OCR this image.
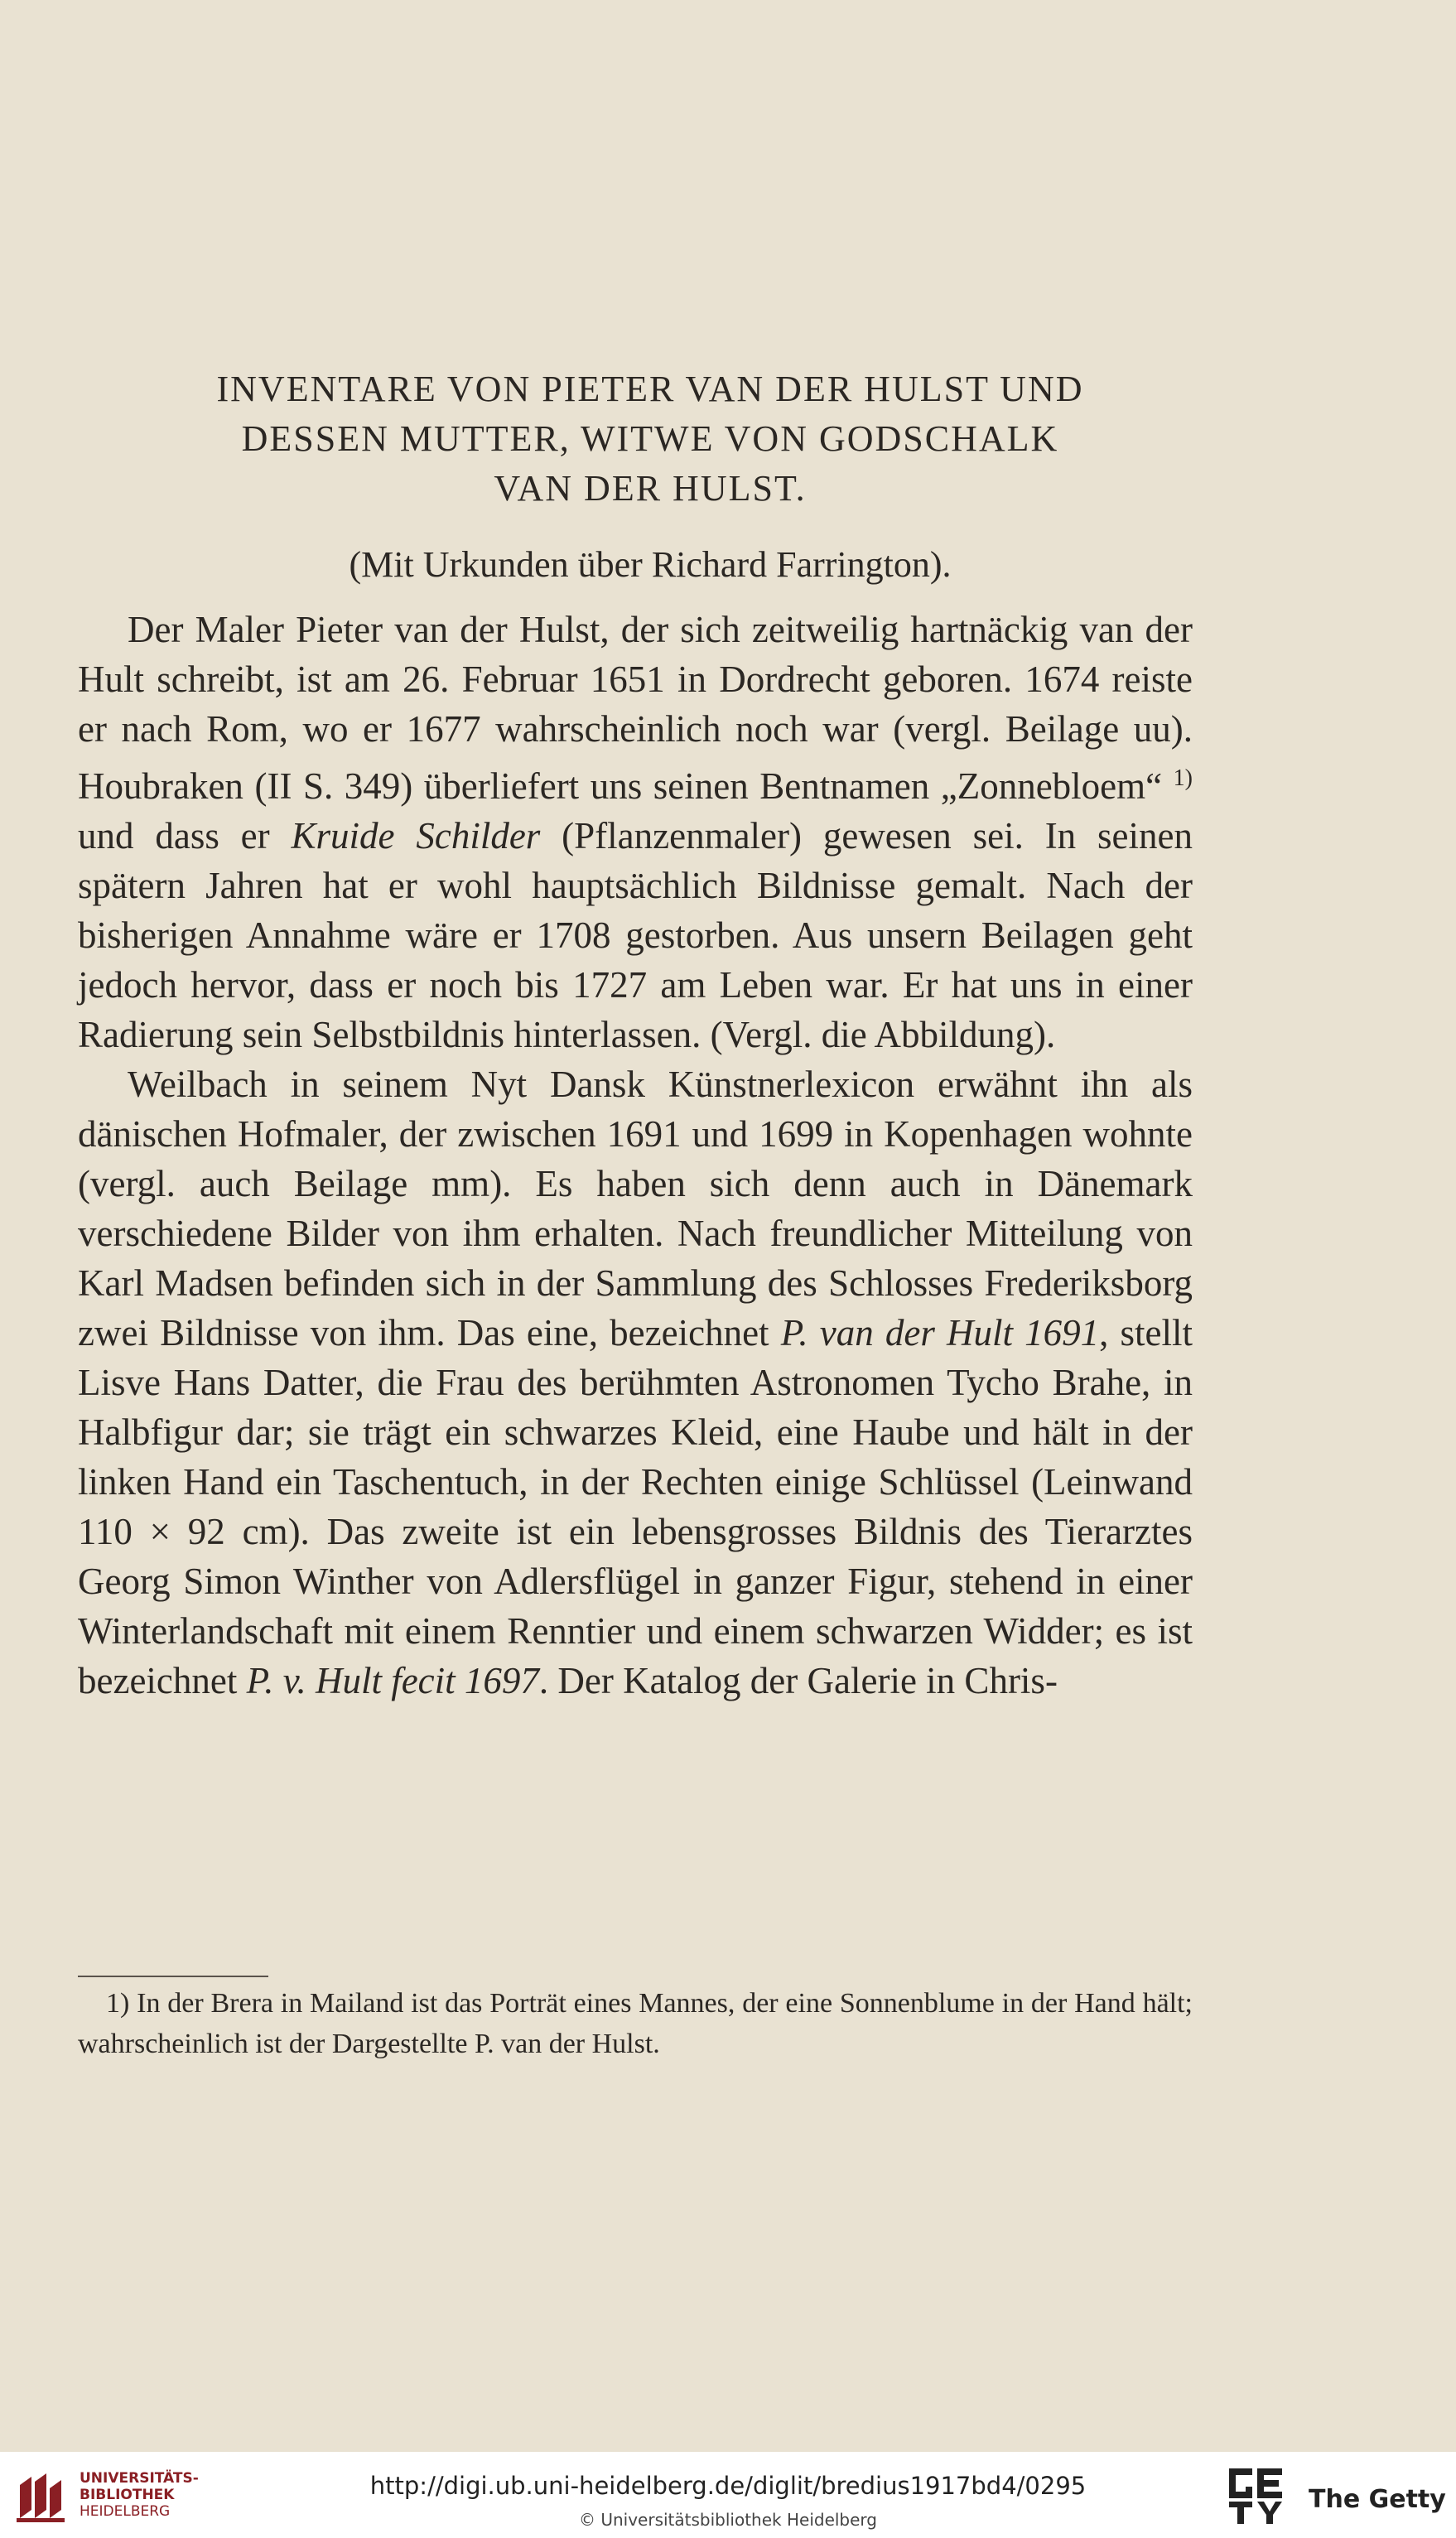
INVENTARE VON PIETER VAN DER HULST UND
DESSEN MUTTER, WITWE VON GODSCHALK
VAN DER HULST.
(Mit Urkunden über Richard Farrington).

Der Maler Pieter van der Hulst, der sich zeitweilig hartnäckig van der Hult schreibt, ist am 26. Februar 1651 in Dordrecht geboren. 1674 reiste er nach Rom, wo er 1677 wahrscheinlich noch war (vergl. Beilage uu). Houbraken (II S. 349) überliefert uns seinen Bentnamen „Zonnebloem“ $^{1)}$ und dass er Kruide Schilder (Pflanzenmaler) gewesen sei. In seinen spätern Jahren hat er wohl hauptsächlich Bildnisse gemalt. Nach der bisherigen Annahme wäre er 1708 gestorben. Aus unsern Beilagen geht jedoch hervor, dass er noch bis 1727 am Leben war. Er hat uns in einer Radierung sein Selbstbildnis hinterlassen. (Vergl. die Abbildung).

Weilbach in seinem Nyt Dansk Künstnerlexicon erwähnt ihn als dänischen Hofmaler, der zwischen 1691 und 1699 in Kopenhagen wohnte (vergl. auch Beilage mm). Es haben sich denn auch in Dänemark verschiedene Bilder von ihm erhalten. Nach freundlicher Mitteilung von Karl Madsen befinden sich in der Sammlung des Schlosses Frederiksborg zwei Bildnisse von ihm. Das eine, bezeichnet P. van der Hult 1691, stellt Lisve Hans Datter, die Frau des berühmten Astronomen Tycho Brahe, in Halbfigur dar; sie trägt ein schwarzes Kleid, eine Haube und hält in der linken Hand ein Taschentuch, in der Rechten einige Schlüssel (Leinwand 110 × 92 cm). Das zweite ist ein lebensgrosses Bildnis des Tierarztes Georg Simon Winther von Adlersflügel in ganzer Figur, stehend in einer Winterlandschaft mit einem Renntier und einem schwarzen Widder; es ist bezeichnet P. v. Hult fecit 1697. Der Katalog der Galerie in Chris-

1) In der Brera in Mailand ist das Porträt eines Mannes, der eine Sonnenblume in der Hand hält; wahrscheinlich ist der Dargestellte P. van der Hulst.

UNIVERSITÄTS-
BIBLIOTHEK
HEIDELBERG
http://digi.ub.uni-heidelberg.de/diglit/bredius1917bd4/0295
© Universitätsbibliothek Heidelberg
The Getty
